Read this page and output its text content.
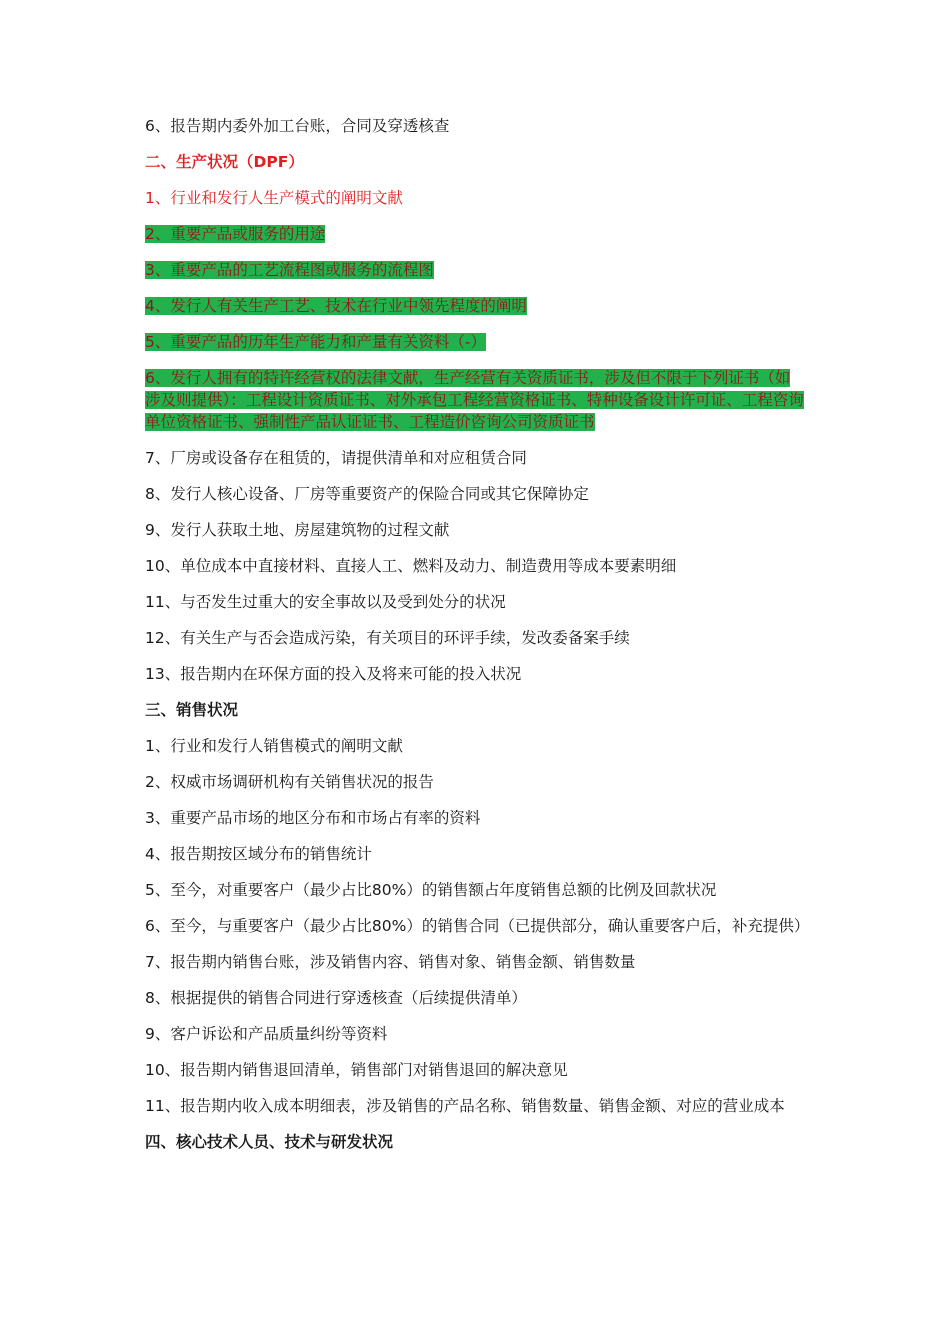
6、报告期内委外加工台账，合同及穿透核查

二、生产状况（DPF）

1、行业和发行人生产模式的阐明文献

2、重要产品或服务的用途

3、重要产品的工艺流程图或服务的流程图

4、发行人有关生产工艺、技术在行业中领先程度的阐明

5、重要产品的历年生产能力和产量有关资料（-）

6、发行人拥有的特许经营权的法律文献，生产经营有关资质证书，涉及但不限于下列证书（如涉及则提供）：工程设计资质证书、对外承包工程经营资格证书、特种设备设计许可证、工程咨询单位资格证书、强制性产品认证证书、工程造价咨询公司资质证书

7、厂房或设备存在租赁的，请提供清单和对应租赁合同

8、发行人核心设备、厂房等重要资产的保险合同或其它保障协定

9、发行人获取土地、房屋建筑物的过程文献

10、单位成本中直接材料、直接人工、燃料及动力、制造费用等成本要素明细

11、与否发生过重大的安全事故以及受到处分的状况

12、有关生产与否会造成污染，有关项目的环评手续，发改委备案手续

13、报告期内在环保方面的投入及将来可能的投入状况

三、销售状况

1、行业和发行人销售模式的阐明文献

2、权威市场调研机构有关销售状况的报告

3、重要产品市场的地区分布和市场占有率的资料

4、报告期按区域分布的销售统计

5、至今，对重要客户（最少占比80%）的销售额占年度销售总额的比例及回款状况

6、至今，与重要客户（最少占比80%）的销售合同（已提供部分，确认重要客户后，补充提供）

7、报告期内销售台账，涉及销售内容、销售对象、销售金额、销售数量

8、根据提供的销售合同进行穿透核查（后续提供清单）

9、客户诉讼和产品质量纠纷等资料

10、报告期内销售退回清单，销售部门对销售退回的解决意见

11、报告期内收入成本明细表，涉及销售的产品名称、销售数量、销售金额、对应的营业成本

四、核心技术人员、技术与研发状况
